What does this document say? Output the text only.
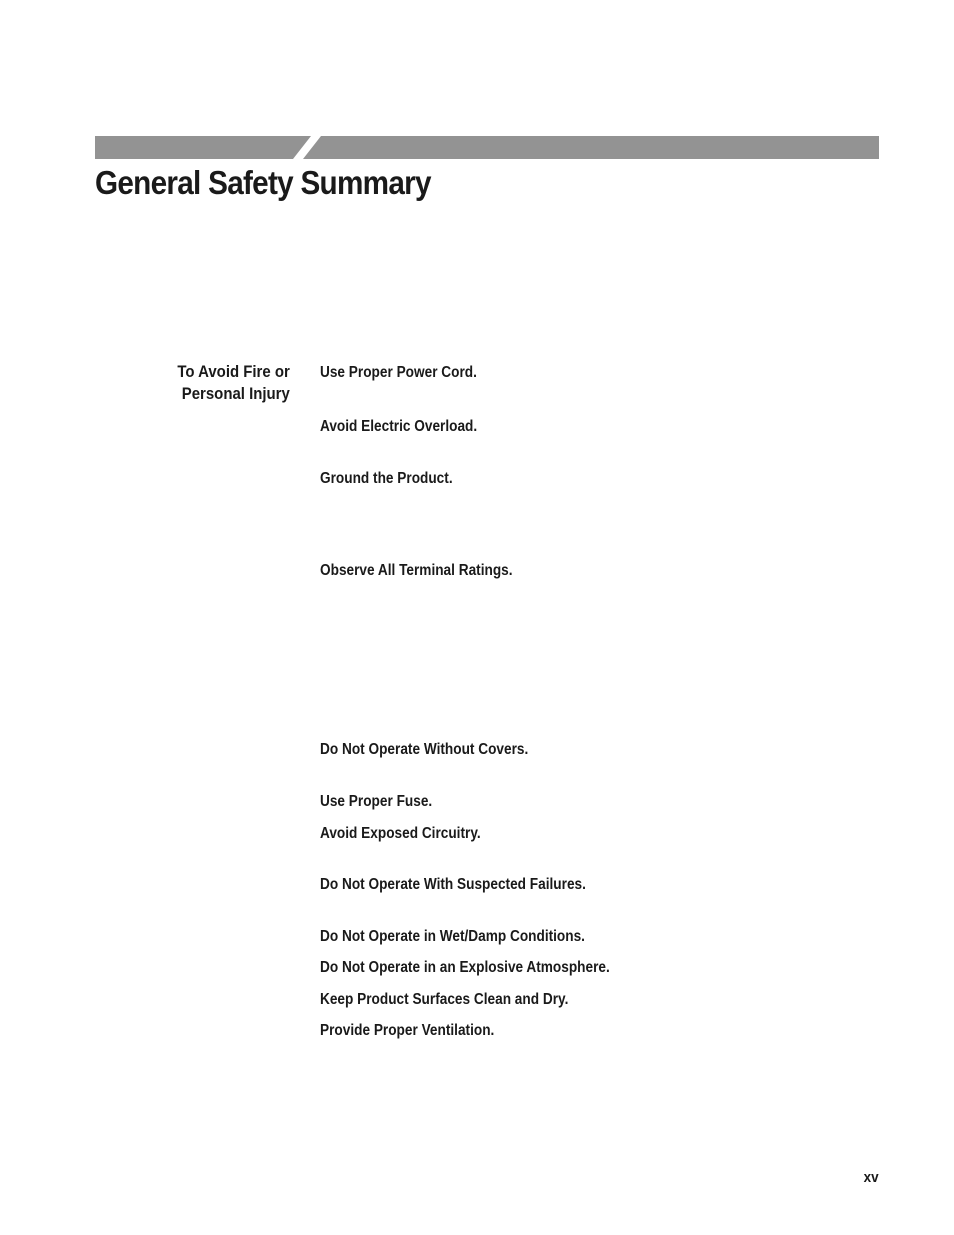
General Safety Summary
To Avoid Fire or
Personal Injury
Use Proper Power Cord.
Avoid Electric Overload.
Ground the Product.
Observe All Terminal Ratings.
Do Not Operate Without Covers.
Use Proper Fuse.
Avoid Exposed Circuitry.
Do Not Operate With Suspected Failures.
Do Not Operate in Wet/Damp Conditions.
Do Not Operate in an Explosive Atmosphere.
Keep Product Surfaces Clean and Dry.
Provide Proper Ventilation.
xv
